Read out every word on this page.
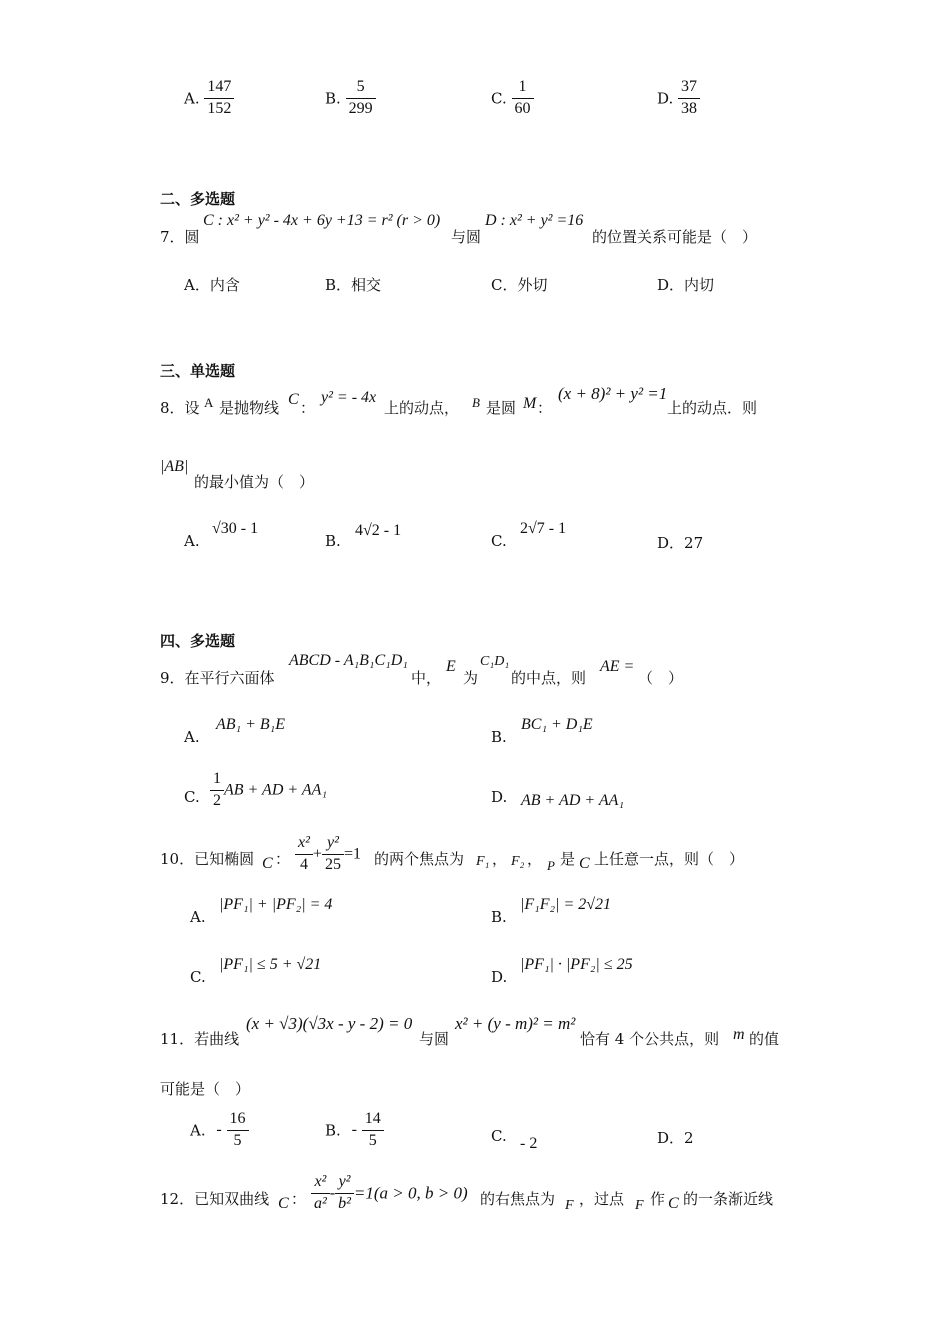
A. $\frac{147}{152}$	B. $\frac{5}{299}$	C. $\frac{1}{60}$	D. $\frac{37}{38}$
二、多选题
7．圆
C : x² + y² - 4x + 6y +13 = r² (r > 0)
与圆
D : x² + y² =16
的位置关系可能是（　）
A．内含	B．相交	C．外切	D．内切
三、单选题
8．设 A 是抛物线 C ：
y² = - 4x
上的动点， B 是圆 M ：
(x + 8)² + y² =1
上的动点．则
|AB|
的最小值为（　）
A.
√30 - 1
B.
4√2 - 1
C.
2√7 - 1
D．27
四、多选题
9．在平行六面体
ABCD - A₁B₁C₁D₁
中，
E
为
C₁D₁
的中点，则
AE =
（　）
A.
AB₁ + B₁E
B.
BC₁ + D₁E
C. $\frac{1}{2}$ AB + AD + AA₁	D. AB + AD + AA₁
10．已知椭圆 C ： $\frac{\text{x²}}{4} + \frac{\text{y²}}{25} =1$ 的两个焦点为 F₁ ， F₂ ， P 是 C 上任意一点，则（　）
A.
|PF₁| + |PF₂| = 4
B.
|F₁F₂| = 2√21
C.
|PF₁| ≤ 5 + √21
D.
|PF₁| · |PF₂| ≤ 25
11．若曲线
(x + √3)(√3x - y - 2) = 0
与圆
x² + (y - m)² = m²
恰有 4 个公共点，则 m 的值
可能是（　）
A. - $\frac{16}{5}$	B. - $\frac{14}{5}$	C. - 2	D．2
12．已知双曲线 C ： $\frac{\text{x²}}{\text{a²}} - \frac{\text{y²}}{\text{b²}} =1(a > 0$, b > 0) 的右焦点为 F ，过点 F 作 C 的一条渐近线
